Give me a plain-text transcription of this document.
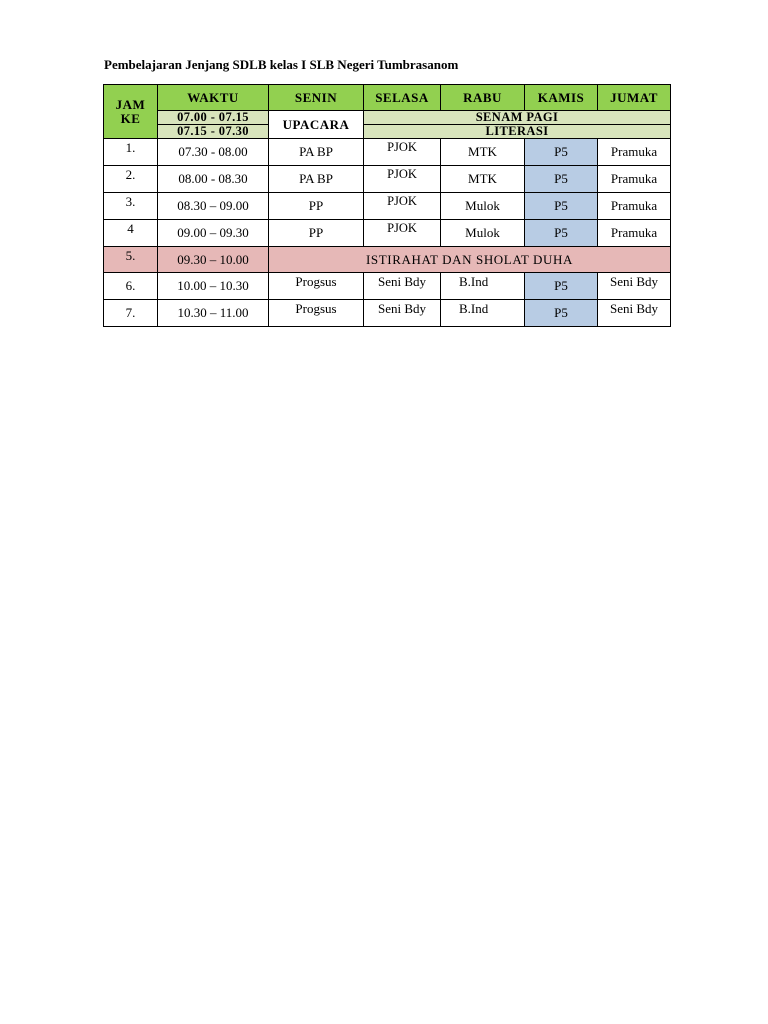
Pembelajaran Jenjang SDLB kelas I SLB Negeri Tumbrasanom
JAM KE	WAKTU	SENIN	SELASA	RABU	KAMIS	JUMAT
	07.00 - 07.15	UPACARA	SENAM PAGI			
	07.15 - 07.30		LITERASI			
1.	07.30 - 08.00	PA BP	PJOK	MTK	P5	Pramuka
2.	08.00 - 08.30	PA BP	PJOK	MTK	P5	Pramuka
3.	08.30 – 09.00	PP	PJOK	Mulok	P5	Pramuka
4	09.00 – 09.30	PP	PJOK	Mulok	P5	Pramuka
5.	09.30 – 10.00	ISTIRAHAT DAN SHOLAT DUHA				
6.	10.00 – 10.30	Progsus	Seni Bdy	B.Ind	P5	Seni Bdy
7.	10.30 – 11.00	Progsus	Seni Bdy	B.Ind	P5	Seni Bdy
